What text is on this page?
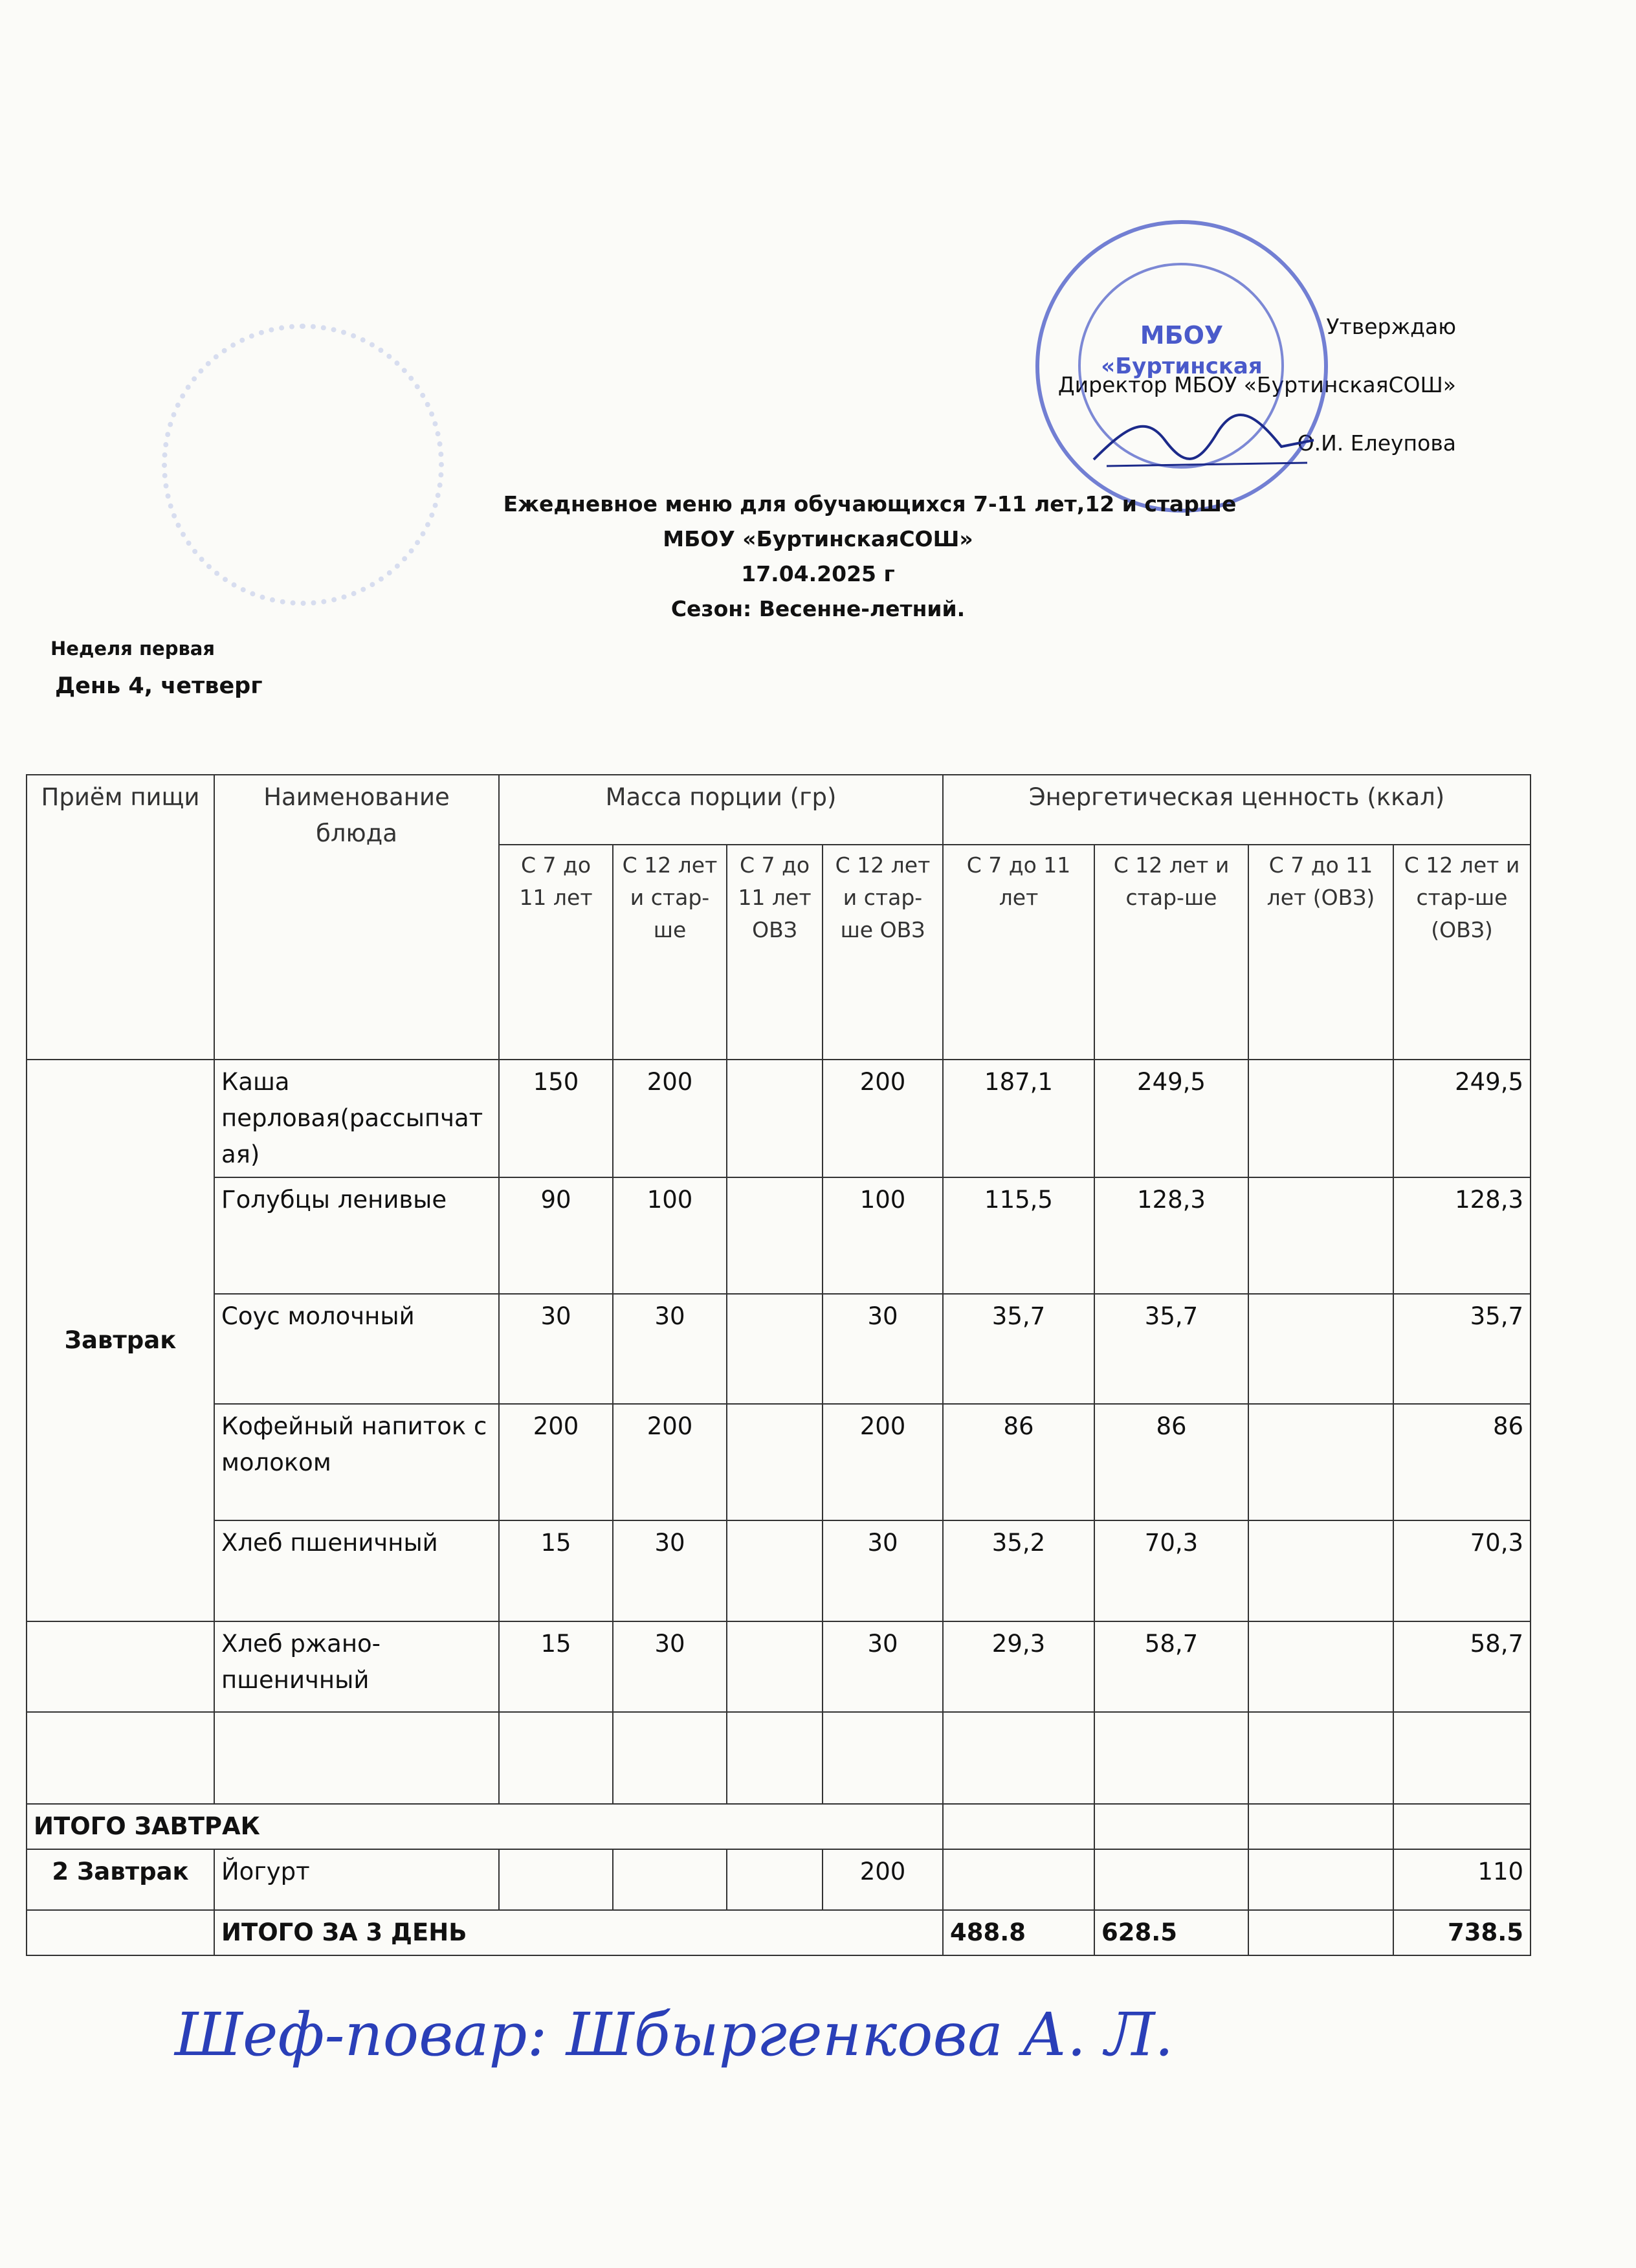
Утверждаю
Директор МБОУ «БуртинскаяСОШ»
О.И. Елеупова
МБОУ
«Буртинская
Ежедневное меню для обучающихся 7-11 лет,12 и старше
МБОУ «БуртинскаяСОШ»
17.04.2025 г
Сезон: Весенне-летний.
Неделя первая
День 4, четверг
Приём пищи	Наименование блюда	Масса порции (гр)				Энергетическая ценность (ккал)			
		С 7 до 11 лет	С 12 лет и стар-ше	С 7 до 11 лет ОВЗ	С 12 лет и стар-ше ОВЗ	С 7 до 11 лет	С 12 лет и стар-ше	С 7 до 11 лет (ОВЗ)	С 12 лет и стар-ше (ОВЗ)
Завтрак	Каша перловая(рассыпчатая)	150	200		200	187,1	249,5		249,5
	Голубцы ленивые	90	100		100	115,5	128,3		128,3
	Соус молочный	30	30		30	35,7	35,7		35,7
	Кофейный напиток с молоком	200	200		200	86	86		86
	Хлеб пшеничный	15	30		30	35,2	70,3		70,3
	Хлеб ржано-пшеничный	15	30		30	29,3	58,7		58,7

ИТОГО ЗАВТРАК									
2 Завтрак	Йогурт				200				110
	ИТОГО ЗА 3 ДЕНЬ					488.8	628.5		738.5
Шеф-повар: Шбыргенкова А. Л.
